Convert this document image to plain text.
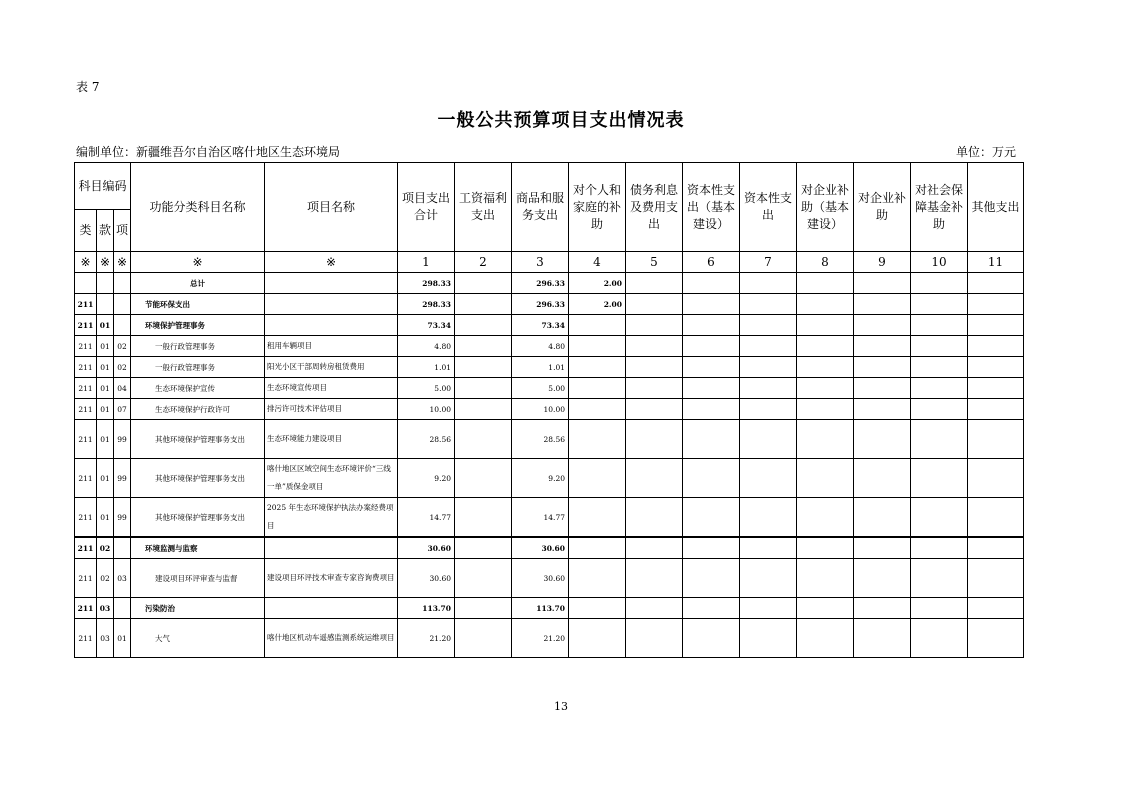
表 7
一般公共预算项目支出情况表
编制单位：新疆维吾尔自治区喀什地区生态环境局	单位：万元
科目编码			功能分类科目名称	项目名称	项目支出合计	工资福利支出	商品和服务支出	对个人和家庭的补助	债务利息及费用支出	资本性支出（基本建设）	资本性支出	对企业补助（基本建设）	对企业补助	对社会保障基金补助	其他支出
类	款	项													
※	※	※	※	※	1	2	3	4	5	6	7	8	9	10	11
			总计		298.33		296.33	2.00							
211			节能环保支出		298.33		296.33	2.00							
211	01		环境保护管理事务		73.34		73.34								
211	01	02	一般行政管理事务	租用车辆项目	4.80		4.80								
211	01	02	一般行政管理事务	阳光小区干部周转房租赁费用	1.01		1.01								
211	01	04	生态环境保护宣传	生态环境宣传项目	5.00		5.00								
211	01	07	生态环境保护行政许可	排污许可技术评估项目	10.00		10.00								
211	01	99	其他环境保护管理事务支出	生态环境能力建设项目	28.56		28.56								
211	01	99	其他环境保护管理事务支出	喀什地区区域空间生态环境评价“三线一单”质保金项目	9.20		9.20								
211	01	99	其他环境保护管理事务支出	2025 年生态环境保护执法办案经费项目	14.77		14.77								
211	02		环境监测与监察		30.60		30.60								
211	02	03	建设项目环评审查与监督	建设项目环评技术审查专家咨询费项目	30.60		30.60								
211	03		污染防治		113.70		113.70								
211	03	01	大气	喀什地区机动车遥感监测系统运维项目	21.20		21.20								
13
